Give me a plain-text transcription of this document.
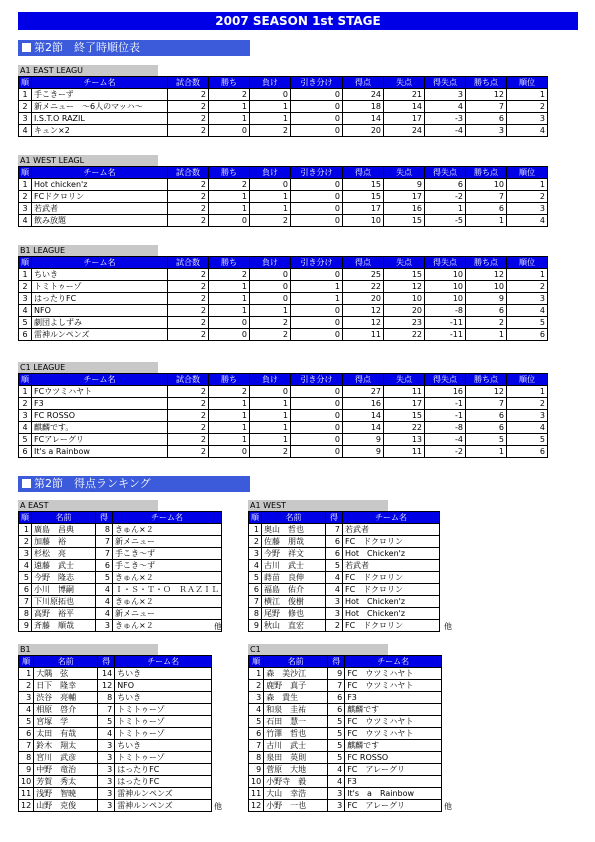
2007 SEASON 1st STAGE
第2節　終了時順位表
A1 EAST LEAGU
順	チーム名	試合数	勝ち	負け	引き分け	得点	失点	得失点	勝ち点	順位
1	手こきーず	2	2	0	0	24	21	3	12	1
2	新メニュー　～6人のマッハ～	2	1	1	0	18	14	4	7	2
3	I.S.T.O RAZIL	2	1	1	0	14	17	-3	6	3
4	キュン×2	2	0	2	0	20	24	-4	3	4
A1 WEST LEAGL
順	チーム名	試合数	勝ち	負け	引き分け	得点	失点	得失点	勝ち点	順位
1	Hot chicken'z	2	2	0	0	15	9	6	10	1
2	FCドクロリン	2	1	1	0	15	17	-2	7	2
3	若武者	2	1	1	0	17	16	1	6	3
4	飲み放題	2	0	2	0	10	15	-5	1	4
B1 LEAGUE
順	チーム名	試合数	勝ち	負け	引き分け	得点	失点	得失点	勝ち点	順位
1	ちいき	2	2	0	0	25	15	10	12	1
2	トミトゥーゾ	2	1	0	1	22	12	10	10	2
3	はったりFC	2	1	0	1	20	10	10	9	3
4	NFO	2	1	1	0	12	20	-8	6	4
5	劇団よしずみ	2	0	2	0	12	23	-11	2	5
6	雷神ルンペンズ	2	0	2	0	11	22	-11	1	6
C1 LEAGUE
順	チーム名	試合数	勝ち	負け	引き分け	得点	失点	得失点	勝ち点	順位
1	FCウツミハヤト	2	2	0	0	27	11	16	12	1
2	F3	2	1	1	0	16	17	-1	7	2
3	FC ROSSO	2	1	1	0	14	15	-1	6	3
4	麒麟です。	2	1	1	0	14	22	-8	6	4
5	FCアレーグリ	2	1	1	0	9	13	-4	5	5
6	It's a Rainbow	2	0	2	0	9	11	-2	1	6
第2節　得点ランキング
A EAST
順	名前	得	チーム名
1	廣島　昌典	8	きゅん×２
2	加藤　裕	7	新メニュー
3	杉松　亮	7	手こき～ず
4	遠藤　武士	6	手こき～ず
5	今野　隆志	5	きゅん×２
6	小川　博嗣	4	Ｉ・Ｓ・Ｔ・Ｏ　ＲＡＺＩＬ
7	下川原拓也	4	きゅん×２
8	高野　裕平	4	新メニュー
9	斉藤　順哉	3	きゅん×２	他
A1 WEST
順	名前	得	チーム名
1	奥山　哲也	7	若武者
2	佐藤　朋哉	6	FC　ドクロリン
3	今野　祥文	6	Hot　Chicken'z
4	古川　武士	5	若武者
5	蒔苗　良伸	4	FC　ドクロリン
6	福島　佑介	4	FC　ドクロリン
7	横江　俊樹	3	Hot　Chicken'z
8	尾野　修也	3	Hot　Chicken'z
9	秋山　直宏	2	FC　ドクロリン	他
B1
順	名前	得	チーム名
1	大隅　弦	14	ちいき
2	日下　隆幸	12	NFO
3	渋谷　亮輔	8	ちいき
4	相原　啓介	7	トミトゥーゾ
5	宮塚　学	5	トミトゥーゾ
6	太田　有哉	4	トミトゥーゾ
7	鈴木　翔太	3	ちいき
8	宮川　武彦	3	トミトゥーゾ
9	中野　竜治	3	はったりFC
10	芳賀　秀太	3	はったりFC
11	浅野　智暁	3	雷神ルンペンズ
12	山野　克俊	3	雷神ルンペンズ	他
C1
順	名前	得	チーム名
1	森　美沙江	9	FC　ウツミハヤト
2	鹿野　真子	7	FC　ウツミハヤト
3	森　貴生	6	F3
4	和泉　圭祐	6	麒麟です
5	石田　慧一	5	FC　ウツミハヤト
6	竹澤　哲也	5	FC　ウツミハヤト
7	古川　武士	5	麒麟です
8	泉田　英則	5	FC ROSSO
9	菅原　大地	4	FC　アレーグリ
10	小野寺　毅	4	F3
11	大山　幸浩	3	It's　a　Rainbow
12	小野　一也	3	FC　アレーグリ	他
